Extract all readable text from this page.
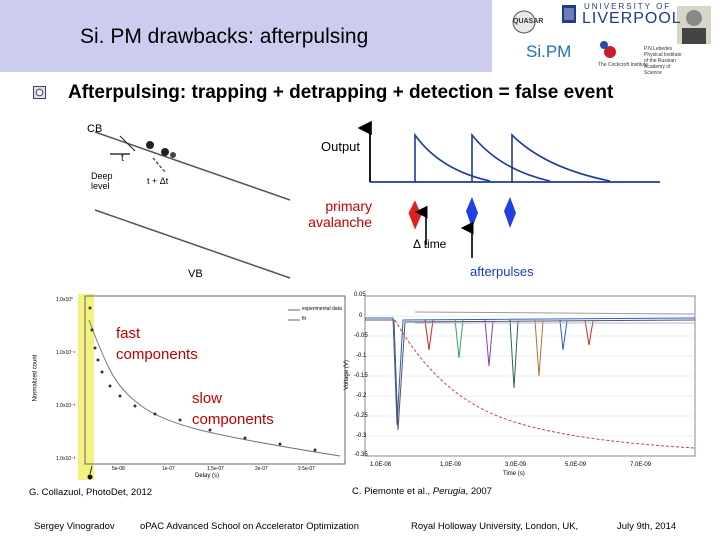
Si. PM drawbacks: afterpulsing
QUASAR
UNIVERSITY OF
LIVERPOOL
Si.PM
The Cockcroft Institute
P.N.Lebedev Physical Institute of the Russian Academy of Science
Afterpulsing: trapping + detrapping + detection = false event
CB
VB
t
Deep level	t + Δt
Output
primary avalanche
Δ time
afterpulses
1.0x10°
1.0x10⁻¹
1.0x10⁻²
1.0x10⁻³
Normalized count
5e-08	1e-07	1.5e-07	2e-07	2.5e-07
Delay (s)
experimental data
fit
fast components
slow components
G. Collazuol, PhotoDet, 2012
0.05
0
-0.05
-0.1
-0.15
-0.2
-0.25
-0.3
-0.35
Voltage (V)
1.0E-08	1.0E-09	3.0E-09	5.0E-09	7.0E-09
Time (s)
C. Piemonte et al., Perugia, 2007
Sergey Vinogradov	oPAC Advanced School on Accelerator Optimization	Royal Holloway University, London, UK,	July 9th, 2014
